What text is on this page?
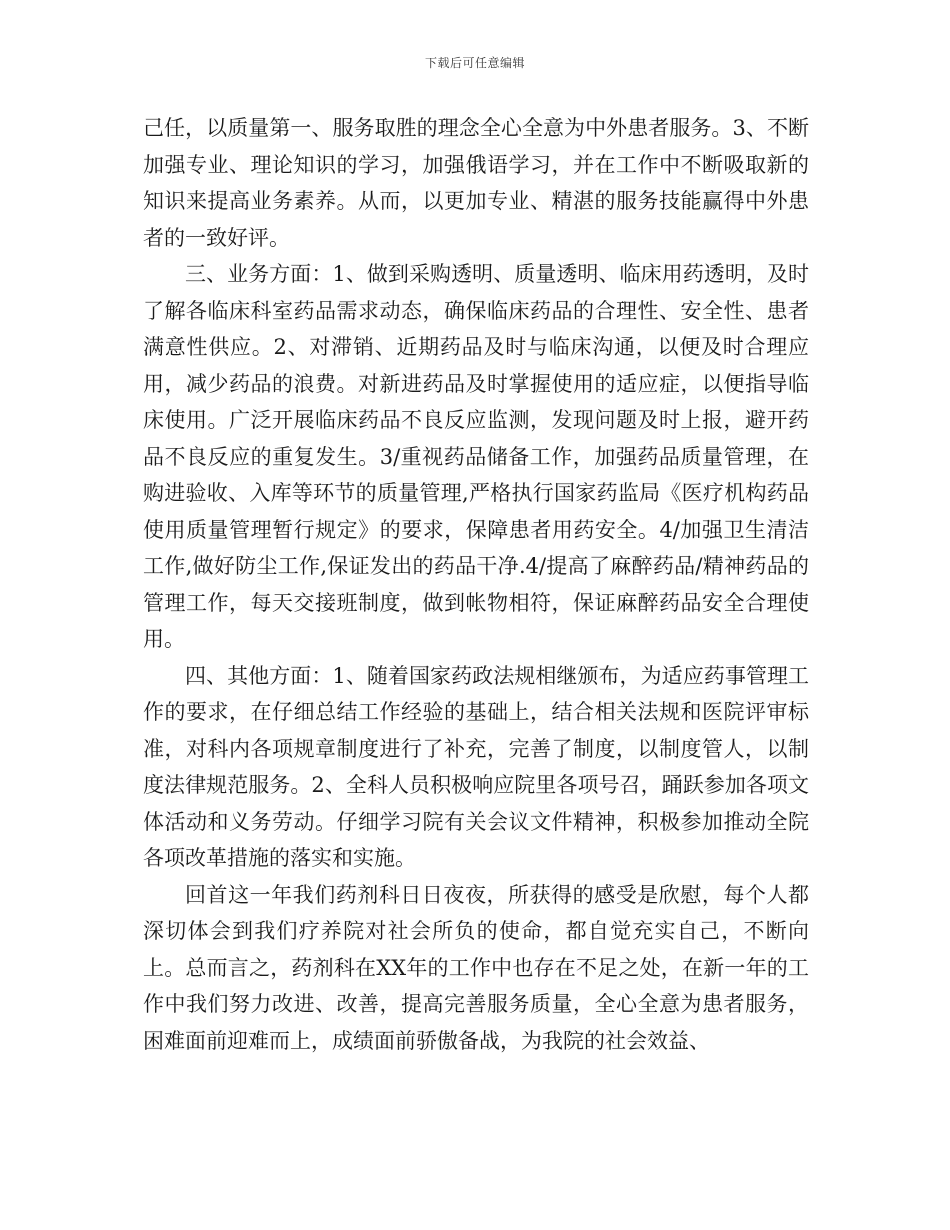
下载后可任意编辑

己任，以质量第一、服务取胜的理念全心全意为中外患者服务。3、不断加强专业、理论知识的学习，加强俄语学习，并在工作中不断吸取新的知识来提高业务素养。从而，以更加专业、精湛的服务技能赢得中外患者的一致好评。

三、业务方面：1、做到采购透明、质量透明、临床用药透明，及时了解各临床科室药品需求动态，确保临床药品的合理性、安全性、患者满意性供应。2、对滞销、近期药品及时与临床沟通，以便及时合理应用，减少药品的浪费。对新进药品及时掌握使用的适应症，以便指导临床使用。广泛开展临床药品不良反应监测，发现问题及时上报，避开药品不良反应的重复发生。3/重视药品储备工作，加强药品质量管理，在购进验收、入库等环节的质量管理,严格执行国家药监局《医疗机构药品使用质量管理暂行规定》的要求，保障患者用药安全。4/加强卫生清洁工作,做好防尘工作,保证发出的药品干净.4/提高了麻醉药品/精神药品的管理工作，每天交接班制度，做到帐物相符，保证麻醉药品安全合理使用。

四、其他方面：1、随着国家药政法规相继颁布，为适应药事管理工作的要求，在仔细总结工作经验的基础上，结合相关法规和医院评审标准，对科内各项规章制度进行了补充，完善了制度，以制度管人，以制度法律规范服务。2、全科人员积极响应院里各项号召，踊跃参加各项文体活动和义务劳动。仔细学习院有关会议文件精神，积极参加推动全院各项改革措施的落实和实施。

回首这一年我们药剂科日日夜夜，所获得的感受是欣慰，每个人都深切体会到我们疗养院对社会所负的使命，都自觉充实自己，不断向上。总而言之，药剂科在XX年的工作中也存在不足之处，在新一年的工作中我们努力改进、改善，提高完善服务质量，全心全意为患者服务，困难面前迎难而上，成绩面前骄傲备战，为我院的社会效益、
